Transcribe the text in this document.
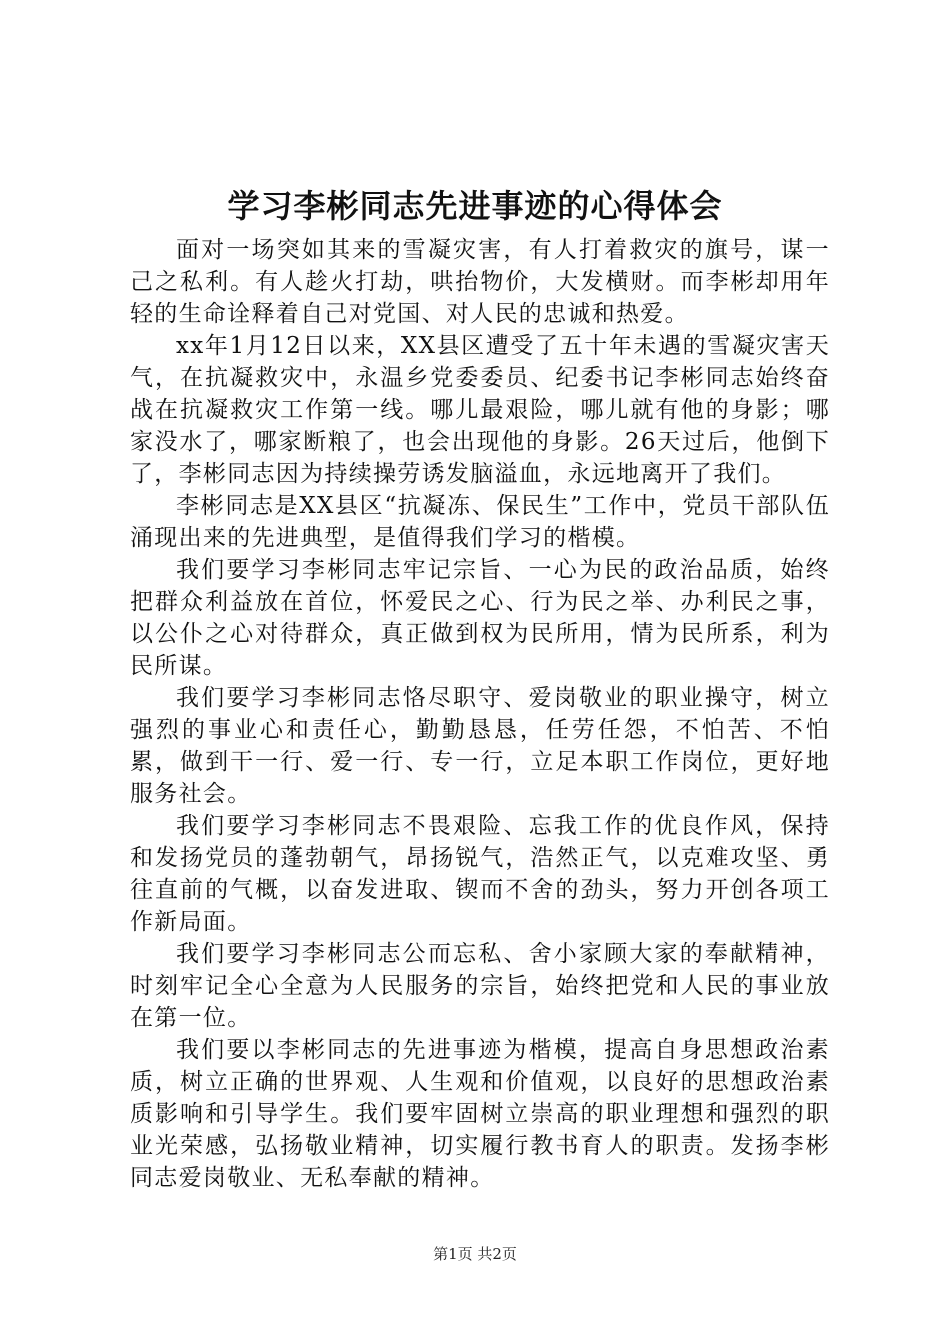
学习李彬同志先进事迹的心得体会

面对一场突如其来的雪凝灾害，有人打着救灾的旗号，谋一己之私利。有人趁火打劫，哄抬物价，大发横财。而李彬却用年轻的生命诠释着自己对党国、对人民的忠诚和热爱。

xx年1月12日以来，XX县区遭受了五十年未遇的雪凝灾害天气，在抗凝救灾中，永温乡党委委员、纪委书记李彬同志始终奋战在抗凝救灾工作第一线。哪儿最艰险，哪儿就有他的身影；哪家没水了，哪家断粮了，也会出现他的身影。26天过后，他倒下了，李彬同志因为持续操劳诱发脑溢血，永远地离开了我们。

李彬同志是XX县区“抗凝冻、保民生”工作中，党员干部队伍涌现出来的先进典型，是值得我们学习的楷模。

我们要学习李彬同志牢记宗旨、一心为民的政治品质，始终把群众利益放在首位，怀爱民之心、行为民之举、办利民之事，以公仆之心对待群众，真正做到权为民所用，情为民所系，利为民所谋。

我们要学习李彬同志恪尽职守、爱岗敬业的职业操守，树立强烈的事业心和责任心，勤勤恳恳，任劳任怨，不怕苦、不怕累，做到干一行、爱一行、专一行，立足本职工作岗位，更好地服务社会。

我们要学习李彬同志不畏艰险、忘我工作的优良作风，保持和发扬党员的蓬勃朝气，昂扬锐气，浩然正气，以克难攻坚、勇往直前的气概，以奋发进取、锲而不舍的劲头，努力开创各项工作新局面。

我们要学习李彬同志公而忘私、舍小家顾大家的奉献精神，时刻牢记全心全意为人民服务的宗旨，始终把党和人民的事业放在第一位。

我们要以李彬同志的先进事迹为楷模，提高自身思想政治素质，树立正确的世界观、人生观和价值观，以良好的思想政治素质影响和引导学生。我们要牢固树立崇高的职业理想和强烈的职业光荣感，弘扬敬业精神，切实履行教书育人的职责。发扬李彬同志爱岗敬业、无私奉献的精神。

第1页 共2页
